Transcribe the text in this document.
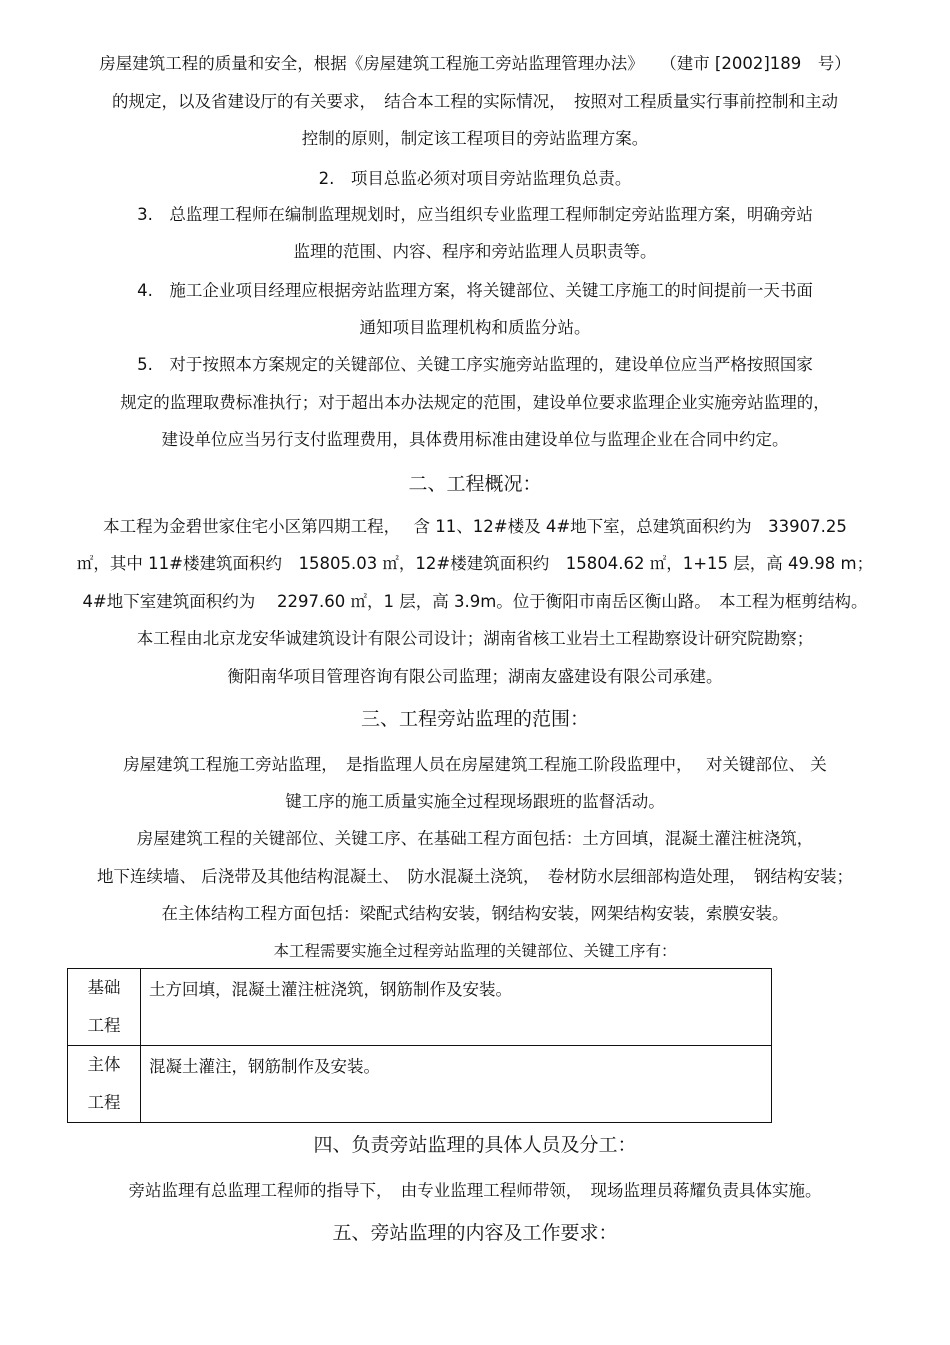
房屋建筑工程的质量和安全，根据《房屋建筑工程施工旁站监理管理办法》　　（建市 [2002]189　号）
的规定，以及省建设厅的有关要求，　结合本工程的实际情况，　按照对工程质量实行事前控制和主动
控制的原则，制定该工程项目的旁站监理方案。
2.　项目总监必须对项目旁站监理负总责。
3.　总监理工程师在编制监理规划时，应当组织专业监理工程师制定旁站监理方案，明确旁站
监理的范围、内容、程序和旁站监理人员职责等。
4.　施工企业项目经理应根据旁站监理方案，将关键部位、关键工序施工的时间提前一天书面
通知项目监理机构和质监分站。
5.　对于按照本方案规定的关键部位、关键工序实施旁站监理的，建设单位应当严格按照国家
规定的监理取费标准执行；对于超出本办法规定的范围，建设单位要求监理企业实施旁站监理的，
建设单位应当另行支付监理费用，具体费用标准由建设单位与监理企业在合同中约定。
二、工程概况：
本工程为金碧世家住宅小区第四期工程，　 含 11、12#楼及 4#地下室，总建筑面积约为　33907.25
㎡，其中 11#楼建筑面积约　15805.03 ㎡，12#楼建筑面积约　15804.62 ㎡，1+15 层，高 49.98 m；
4#地下室建筑面积约为　 2297.60 ㎡，1 层，高 3.9m。位于衡阳市南岳区衡山路。　本工程为框剪结构。
本工程由北京龙安华诚建筑设计有限公司设计；湖南省核工业岩土工程勘察设计研究院勘察；
衡阳南华项目管理咨询有限公司监理；湖南友盛建设有限公司承建。
三、工程旁站监理的范围：
房屋建筑工程施工旁站监理，　是指监理人员在房屋建筑工程施工阶段监理中，　 对关键部位、 关
键工序的施工质量实施全过程现场跟班的监督活动。
房屋建筑工程的关键部位、关键工序、在基础工程方面包括：土方回填，混凝土灌注桩浇筑，
地下连续墙、 后浇带及其他结构混凝土、　防水混凝土浇筑，　卷材防水层细部构造处理，　钢结构安装；
在主体结构工程方面包括：梁配式结构安装，钢结构安装，网架结构安装，索膜安装。
本工程需要实施全过程旁站监理的关键部位、关键工序有：
基础
工程	土方回填，混凝土灌注桩浇筑，钢筋制作及安装。

主体
工程	混凝土灌注，钢筋制作及安装。
四、负责旁站监理的具体人员及分工：
旁站监理有总监理工程师的指导下，　由专业监理工程师带领，　现场监理员蒋耀负责具体实施。
五、旁站监理的内容及工作要求：
